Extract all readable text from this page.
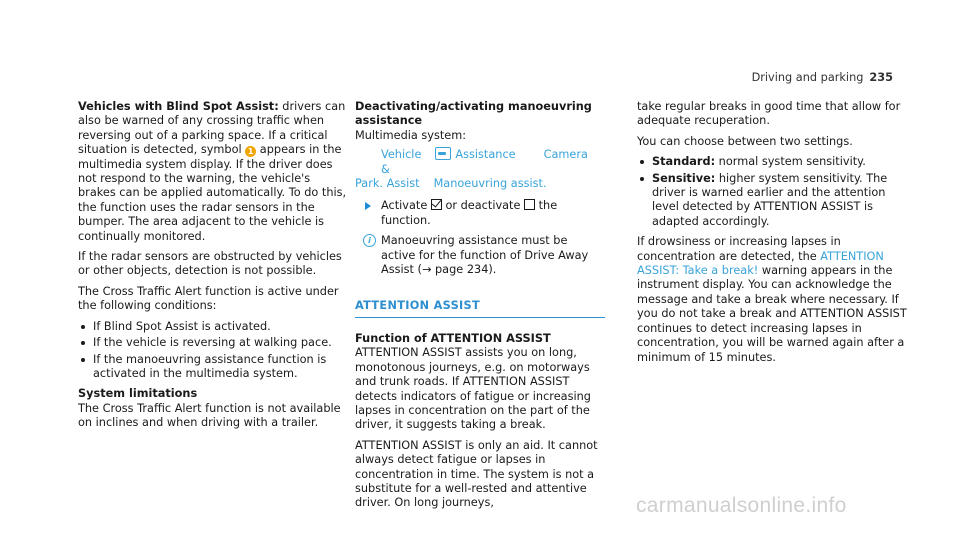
Driving and parking 235

Vehicles with Blind Spot Assist: drivers can also be warned of any crossing traffic when reversing out of a parking space. If a critical situation is detected, symbol 1 appears in the multimedia system display. If the driver does not respond to the warning, the vehicle's brakes can be applied automatically. To do this, the function uses the radar sensors in the bumper. The area adjacent to the vehicle is continually monitored.

If the radar sensors are obstructed by vehicles or other objects, detection is not possible.

The Cross Traffic Alert function is active under the following conditions:

If Blind Spot Assist is activated.
If the vehicle is reversing at walking pace.
If the manoeuvring assistance function is activated in the multimedia system.
System limitations

The Cross Traffic Alert function is not available on inclines and when driving with a trailer.

Deactivating/activating manoeuvring assistance
Multimedia system:
Vehicle	Assistance Camera &
Park. Assist Manoeuvring assist.
Activate  or deactivate  the function.
i Manoeuvring assistance must be active for the function of Drive Away Assist (→ page 234).
ATTENTION ASSIST
Function of ATTENTION ASSIST

ATTENTION ASSIST assists you on long, monotonous journeys, e.g. on motorways and trunk roads. If ATTENTION ASSIST detects indicators of fatigue or increasing lapses in concentration on the part of the driver, it suggests taking a break.

ATTENTION ASSIST is only an aid. It cannot always detect fatigue or lapses in concentration in time. The system is not a substitute for a well-rested and attentive driver. On long journeys,

take regular breaks in good time that allow for adequate recuperation.

You can choose between two settings.

Standard: normal system sensitivity.
Sensitive: higher system sensitivity. The driver is warned earlier and the attention level detected by ATTENTION ASSIST is adapted accordingly.

If drowsiness or increasing lapses in concentration are detected, the ATTENTION ASSIST: Take a break! warning appears in the instrument display. You can acknowledge the message and take a break where necessary. If you do not take a break and ATTENTION ASSIST continues to detect increasing lapses in concentration, you will be warned again after a minimum of 15 minutes.

carmanualsonline.info
